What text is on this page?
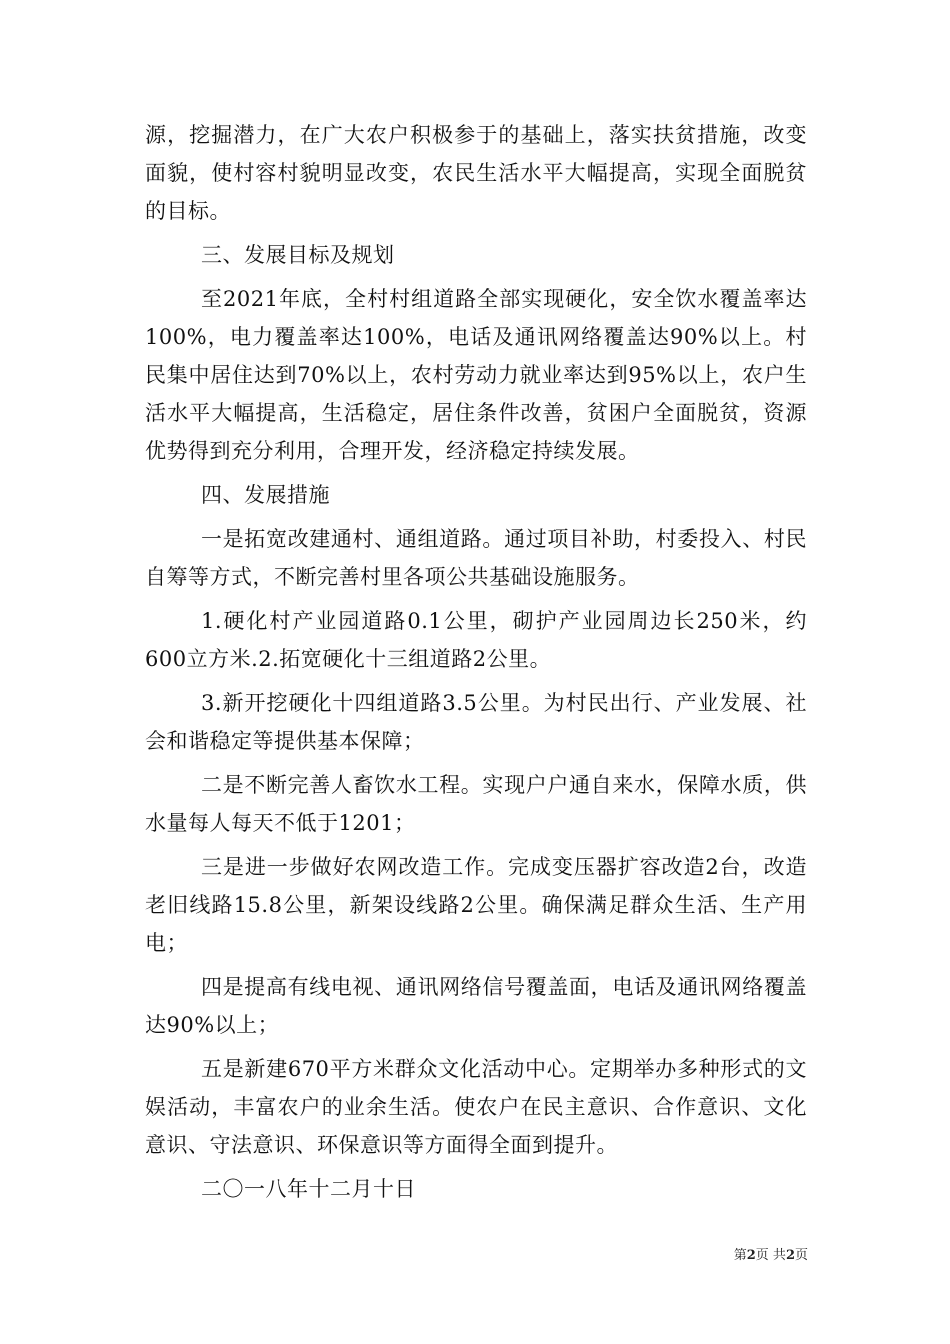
源，挖掘潜力，在广大农户积极参于的基础上，落实扶贫措施，改变面貌，使村容村貌明显改变，农民生活水平大幅提高，实现全面脱贫的目标。

三、发展目标及规划

至2021年底，全村村组道路全部实现硬化，安全饮水覆盖率达100%，电力覆盖率达100%，电话及通讯网络覆盖达90%以上。村民集中居住达到70%以上，农村劳动力就业率达到95%以上，农户生活水平大幅提高，生活稳定，居住条件改善，贫困户全面脱贫，资源优势得到充分利用，合理开发，经济稳定持续发展。

四、发展措施

一是拓宽改建通村、通组道路。通过项目补助，村委投入、村民自筹等方式，不断完善村里各项公共基础设施服务。

1.硬化村产业园道路0.1公里，砌护产业园周边长250米，约600立方米.2.拓宽硬化十三组道路2公里。

3.新开挖硬化十四组道路3.5公里。为村民出行、产业发展、社会和谐稳定等提供基本保障；

二是不断完善人畜饮水工程。实现户户通自来水，保障水质，供水量每人每天不低于1201；

三是进一步做好农网改造工作。完成变压器扩容改造2台，改造老旧线路15.8公里，新架设线路2公里。确保满足群众生活、生产用电；

四是提高有线电视、通讯网络信号覆盖面，电话及通讯网络覆盖达90%以上；

五是新建670平方米群众文化活动中心。定期举办多种形式的文娱活动，丰富农户的业余生活。使农户在民主意识、合作意识、文化意识、守法意识、环保意识等方面得全面到提升。

二〇一八年十二月十日

第2页 共2页
